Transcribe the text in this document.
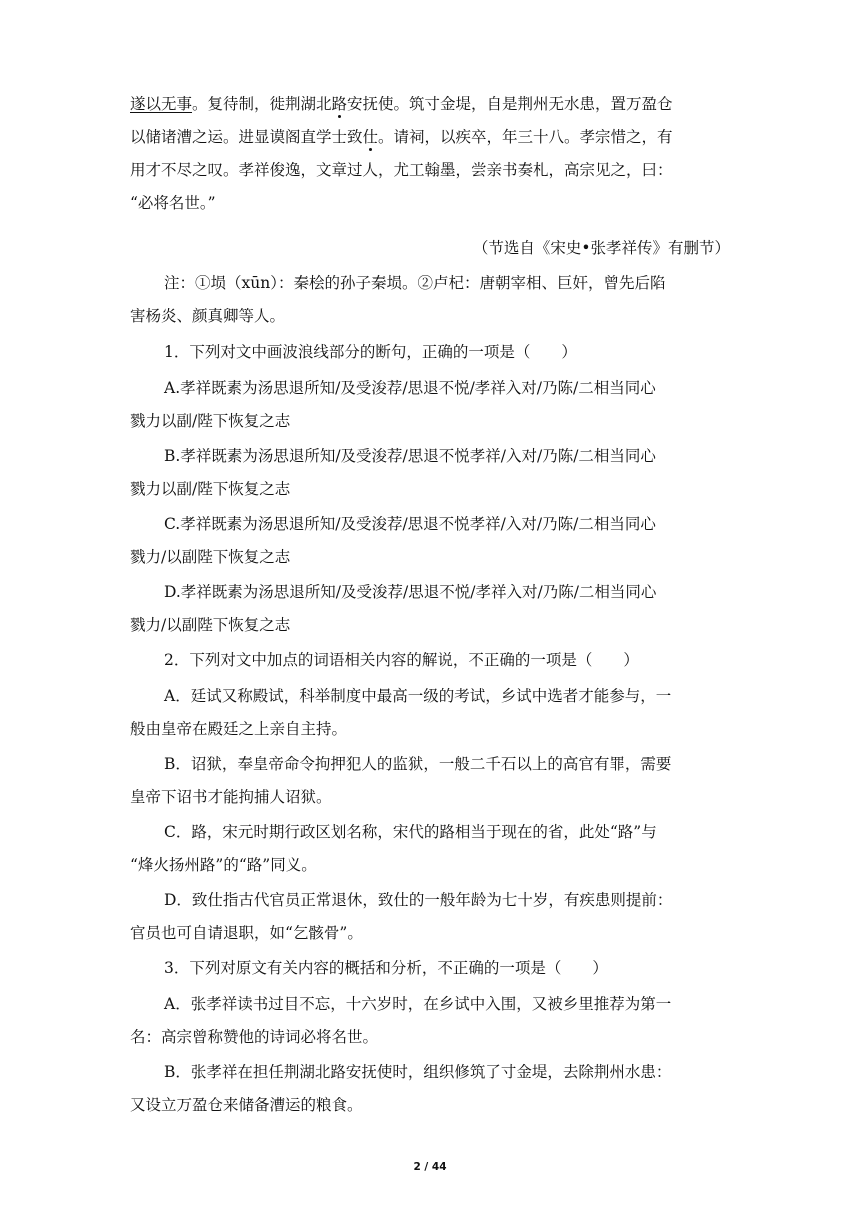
遂以无事。复待制，徙荆湖北路安抚使。筑寸金堤，自是荆州无水患，置万盈仓
以储诸漕之运。进显谟阁直学士致仕。请祠，以疾卒，年三十八。孝宗惜之，有
用才不尽之叹。孝祥俊逸，文章过人，尤工翰墨，尝亲书奏札，高宗见之，曰：
“必将名世。”
（节选自《宋史•张孝祥传》有删节）
注：①埙（xūn）：秦桧的孙子秦埙。②卢杞：唐朝宰相、巨奸，曾先后陷
害杨炎、颜真卿等人。
1．下列对文中画波浪线部分的断句，正确的一项是（　　）
A.孝祥既素为汤思退所知/及受浚荐/思退不悦/孝祥入对/乃陈/二相当同心
戮力以副/陛下恢复之志
B.孝祥既素为汤思退所知/及受浚荐/思退不悦孝祥/入对/乃陈/二相当同心
戮力以副/陛下恢复之志
C.孝祥既素为汤思退所知/及受浚荐/思退不悦孝祥/入对/乃陈/二相当同心
戮力/以副陛下恢复之志
D.孝祥既素为汤思退所知/及受浚荐/思退不悦/孝祥入对/乃陈/二相当同心
戮力/以副陛下恢复之志
2．下列对文中加点的词语相关内容的解说，不正确的一项是（　　）
A．廷试又称殿试，科举制度中最高一级的考试，乡试中选者才能参与，一
般由皇帝在殿廷之上亲自主持。
B．诏狱，奉皇帝命令拘押犯人的监狱，一般二千石以上的高官有罪，需要
皇帝下诏书才能拘捕人诏狱。
C．路，宋元时期行政区划名称，宋代的路相当于现在的省，此处“路”与
“烽火扬州路”的“路”同义。
D．致仕指古代官员正常退休，致仕的一般年龄为七十岁，有疾患则提前：
官员也可自请退职，如“乞骸骨”。
3．下列对原文有关内容的概括和分析，不正确的一项是（　　）
A．张孝祥读书过目不忘，十六岁时，在乡试中入围，又被乡里推荐为第一
名：高宗曾称赞他的诗词必将名世。
B．张孝祥在担任荆湖北路安抚使时，组织修筑了寸金堤，去除荆州水患：
又设立万盈仓来储备漕运的粮食。
2 / 44
